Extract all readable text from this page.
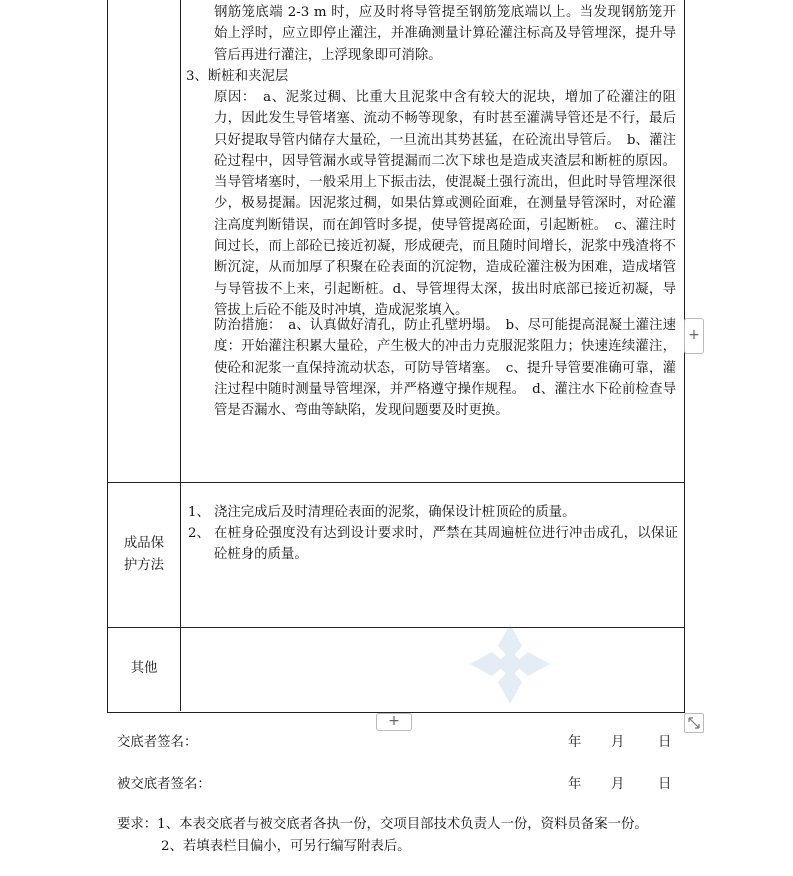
钢筋笼底端 2-3 m 时，应及时将导管提至钢筋笼底端以上。当发现钢筋笼开始上浮时，应立即停止灌注，并准确测量计算砼灌注标高及导管埋深，提升导管后再进行灌注，上浮现象即可消除。
3、断桩和夹泥层
原因：　a、泥浆过稠、比重大且泥浆中含有较大的泥块，增加了砼灌注的阻力，因此发生导管堵塞、流动不畅等现象，有时甚至灌满导管还是不行，最后只好提取导管内储存大量砼，一旦流出其势甚猛，在砼流出导管后。　b、灌注砼过程中，因导管漏水或导管提漏而二次下球也是造成夹渣层和断桩的原因。当导管堵塞时，一般采用上下振击法，使混凝土强行流出，但此时导管埋深很少，极易提漏。因泥浆过稠，如果估算或测砼面难，在测量导管深时，对砼灌注高度判断错误，而在卸管时多提，使导管提离砼面，引起断桩。　c、灌注时间过长，而上部砼已接近初凝，形成硬壳，而且随时间增长，泥浆中残渣将不断沉淀，从而加厚了积聚在砼表面的沉淀物，造成砼灌注极为困难，造成堵管与导管拔不上来，引起断桩。d、导管埋得太深，拔出时底部已接近初凝，导管拔上后砼不能及时冲填，造成泥浆填入。
防治措施：　a、认真做好清孔，防止孔壁坍塌。　b、尽可能提高混凝土灌注速度：开始灌注积累大量砼，产生极大的冲击力克服泥浆阻力；快速连续灌注，使砼和泥浆一直保持流动状态，可防导管堵塞。　c、提升导管要准确可靠，灌注过程中随时测量导管埋深，并严格遵守操作规程。　d、灌注水下砼前检查导管是否漏水、弯曲等缺陷，发现问题要及时更换。
成品保护方法
1、 浇注完成后及时清理砼表面的泥浆，确保设计桩顶砼的质量。
2、 在桩身砼强度没有达到设计要求时，严禁在其周遍桩位进行冲击成孔，以保证砼桩身的质量。
其他
+
+
交底者签名：	年 月	日
被交底者签名：	年 月	日
要求：1、本表交底者与被交底者各执一份，交项目部技术负责人一份，资料员备案一份。
2、若填表栏目偏小，可另行编写附表后。
